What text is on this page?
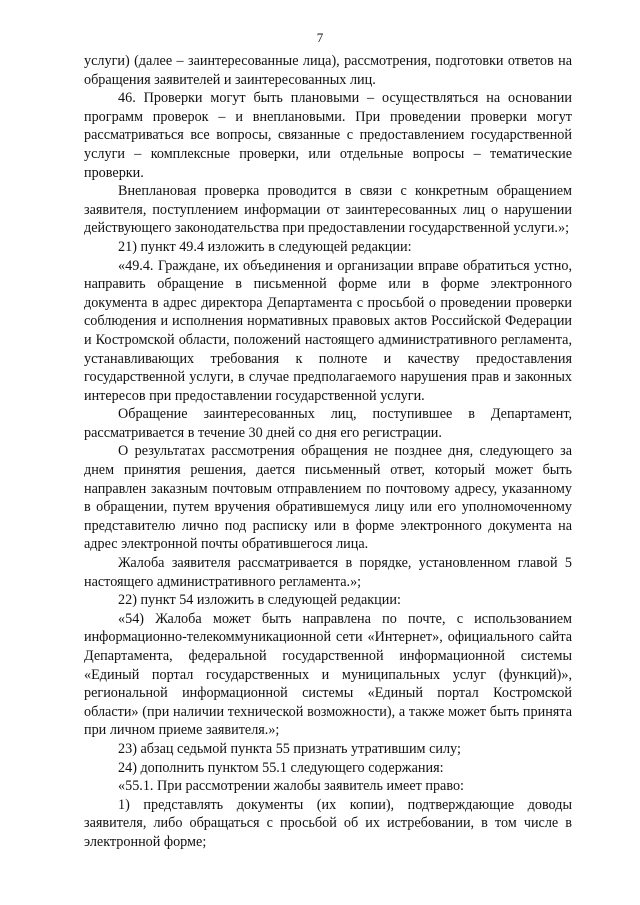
7

услуги) (далее – заинтересованные лица), рассмотрения, подготовки ответов на обращения заявителей и заинтересованных лиц.

46. Проверки могут быть плановыми – осуществляться на основании программ проверок – и внеплановыми. При проведении проверки могут рассматриваться все вопросы, связанные с предоставлением государственной услуги – комплексные проверки, или отдельные вопросы – тематические проверки.

Внеплановая проверка проводится в связи с конкретным обращением заявителя, поступлением информации от заинтересованных лиц о нарушении действующего законодательства при предоставлении государственной услуги.»;

21) пункт 49.4 изложить в следующей редакции:

«49.4. Граждане, их объединения и организации вправе обратиться устно, направить обращение в письменной форме или в форме электронного документа в адрес директора Департамента с просьбой о проведении проверки соблюдения и исполнения нормативных правовых актов Российской Федерации и Костромской области, положений настоящего административного регламента, устанавливающих требования к полноте и качеству предоставления государственной услуги, в случае предполагаемого нарушения прав и законных интересов при предоставлении государственной услуги.

Обращение заинтересованных лиц, поступившее в Департамент, рассматривается в течение 30 дней со дня его регистрации.

О результатах рассмотрения обращения не позднее дня, следующего за днем принятия решения, дается письменный ответ, который может быть направлен заказным почтовым отправлением по почтовому адресу, указанному в обращении, путем вручения обратившемуся лицу или его уполномоченному представителю лично под расписку или в форме электронного документа на адрес электронной почты обратившегося лица.

Жалоба заявителя рассматривается в порядке, установленном главой 5 настоящего административного регламента.»;

22) пункт 54 изложить в следующей редакции:

«54) Жалоба может быть направлена по почте, с использованием информационно-телекоммуникационной сети «Интернет», официального сайта Департамента, федеральной государственной информационной системы «Единый портал государственных и муниципальных услуг (функций)», региональной информационной системы «Единый портал Костромской области» (при наличии технической возможности), а также может быть принята при личном приеме заявителя.»;

23) абзац седьмой пункта 55 признать утратившим силу;

24) дополнить пунктом 55.1 следующего содержания:

«55.1. При рассмотрении жалобы заявитель имеет право:

1) представлять документы (их копии), подтверждающие доводы заявителя, либо обращаться с просьбой об их истребовании, в том числе в электронной форме;
